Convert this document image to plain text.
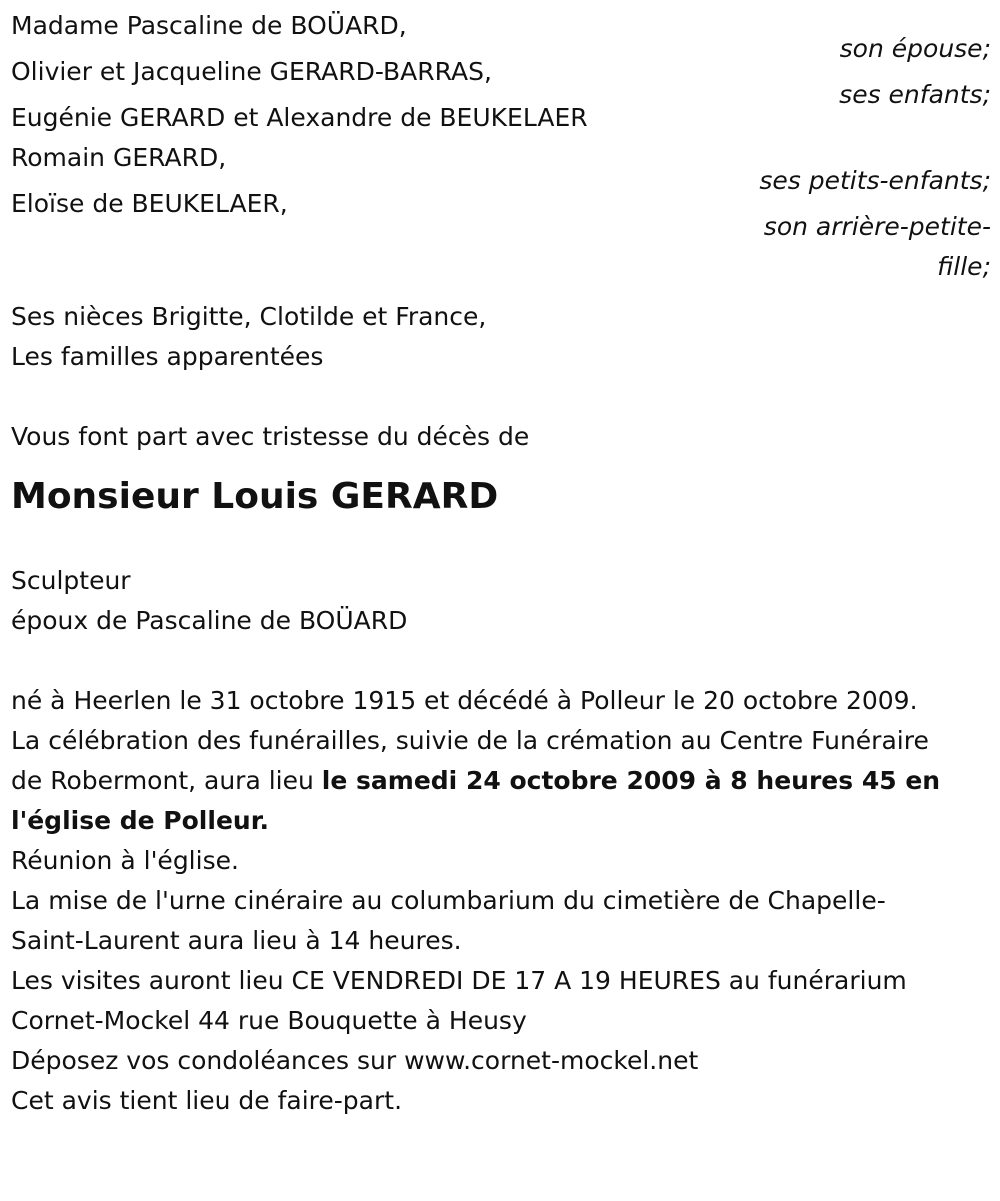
Madame Pascaline de BOÜARD,
son épouse;
Olivier et Jacqueline GERARD-BARRAS,
ses enfants;
Eugénie GERARD et Alexandre de BEUKELAER
Romain GERARD,
ses petits-enfants;
Eloïse de BEUKELAER,
son arrière-petite-
fille;
Ses nièces Brigitte, Clotilde et France,
Les familles apparentées
Vous font part avec tristesse du décès de
Monsieur Louis GERARD
Sculpteur
époux de Pascaline de BOÜARD
né à Heerlen le 31 octobre 1915 et décédé à Polleur le 20 octobre 2009.
La célébration des funérailles, suivie de la crémation au Centre Funéraire
de Robermont, aura lieu le samedi 24 octobre 2009 à 8 heures 45 en
l'église de Polleur.
Réunion à l'église.
La mise de l'urne cinéraire au columbarium du cimetière de Chapelle-
Saint-Laurent aura lieu à 14 heures.
Les visites auront lieu CE VENDREDI DE 17 A 19 HEURES au funérarium
Cornet-Mockel 44 rue Bouquette à Heusy
Déposez vos condoléances sur www.cornet-mockel.net
Cet avis tient lieu de faire-part.
